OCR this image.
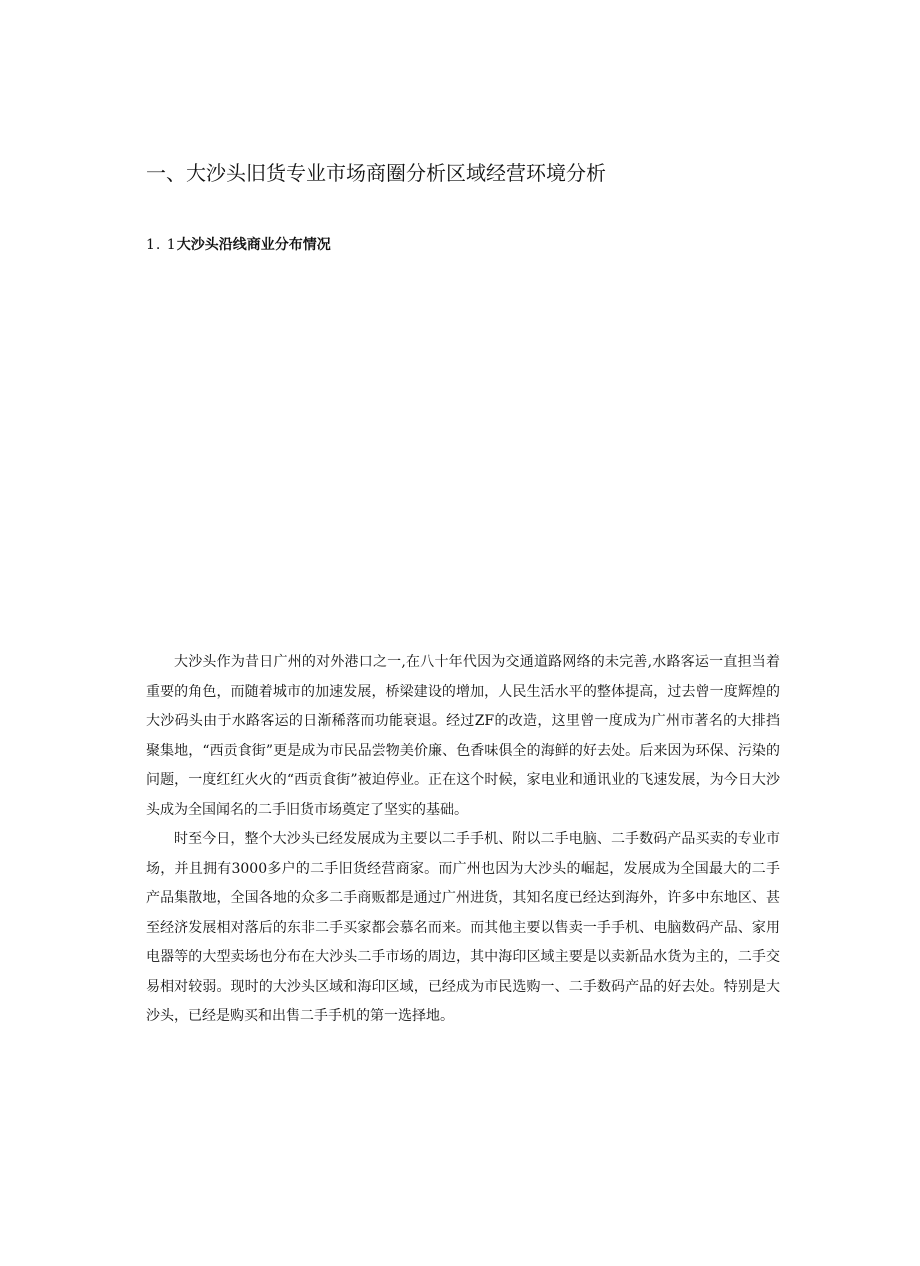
一、大沙头旧货专业市场商圈分析区域经营环境分析
1. 1大沙头沿线商业分布情况

大沙头作为昔日广州的对外港口之一,在八十年代因为交通道路网络的未完善,水路客运一直担当着重要的角色，而随着城市的加速发展，桥梁建设的增加，人民生活水平的整体提高，过去曾一度辉煌的大沙码头由于水路客运的日渐稀落而功能衰退。经过ZF的改造，这里曾一度成为广州市著名的大排挡聚集地，“西贡食街”更是成为市民品尝物美价廉、色香味俱全的海鲜的好去处。后来因为环保、污染的问题，一度红红火火的“西贡食街”被迫停业。正在这个时候，家电业和通讯业的飞速发展，为今日大沙头成为全国闻名的二手旧货市场奠定了坚实的基础。

时至今日，整个大沙头已经发展成为主要以二手手机、附以二手电脑、二手数码产品买卖的专业市场，并且拥有3000多户的二手旧货经营商家。而广州也因为大沙头的崛起，发展成为全国最大的二手产品集散地，全国各地的众多二手商贩都是通过广州进货，其知名度已经达到海外，许多中东地区、甚至经济发展相对落后的东非二手买家都会慕名而来。而其他主要以售卖一手手机、电脑数码产品、家用电器等的大型卖场也分布在大沙头二手市场的周边，其中海印区域主要是以卖新品水货为主的，二手交易相对较弱。现时的大沙头区域和海印区域，已经成为市民选购一、二手数码产品的好去处。特别是大沙头，已经是购买和出售二手手机的第一选择地。
